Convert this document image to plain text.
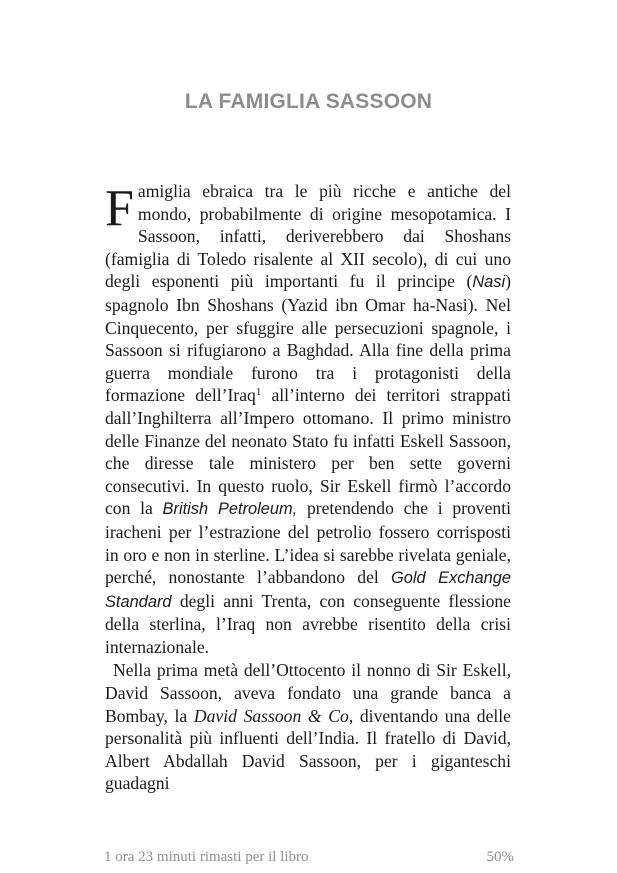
LA FAMIGLIA SASSOON

Famiglia ebraica tra le più ricche e antiche del mondo, probabilmente di origine mesopotamica. I Sassoon, infatti, deriverebbero dai Shoshans (famiglia di Toledo risalente al XII secolo), di cui uno degli esponenti più importanti fu il principe (Nasi) spagnolo Ibn Shoshans (Yazid ibn Omar ha-Nasi). Nel Cinquecento, per sfuggire alle persecuzioni spagnole, i Sassoon si rifugiarono a Baghdad. Alla fine della prima guerra mondiale furono tra i protagonisti della formazione dell’Iraq$^1$ all’interno dei territori strappati dall’Inghilterra all’Impero ottomano. Il primo ministro delle Finanze del neonato Stato fu infatti Eskell Sassoon, che diresse tale ministero per ben sette governi consecutivi. In questo ruolo, Sir Eskell firmò l’accordo con la British Petroleum, pretendendo che i proventi iracheni per l’estrazione del petrolio fossero corrisposti in oro e non in sterline. L’idea si sarebbe rivelata geniale, perché, nonostante l’abbandono del Gold Exchange Standard degli anni Trenta, con conseguente flessione della sterlina, l’Iraq non avrebbe risentito della crisi internazionale.

Nella prima metà dell’Ottocento il nonno di Sir Eskell, David Sassoon, aveva fondato una grande banca a Bombay, la David Sassoon & Co, diventando una delle personalità più influenti dell’India. Il fratello di David, Albert Abdallah David Sassoon, per i giganteschi guadagni

1 ora 23 minuti rimasti per il libro	50%
